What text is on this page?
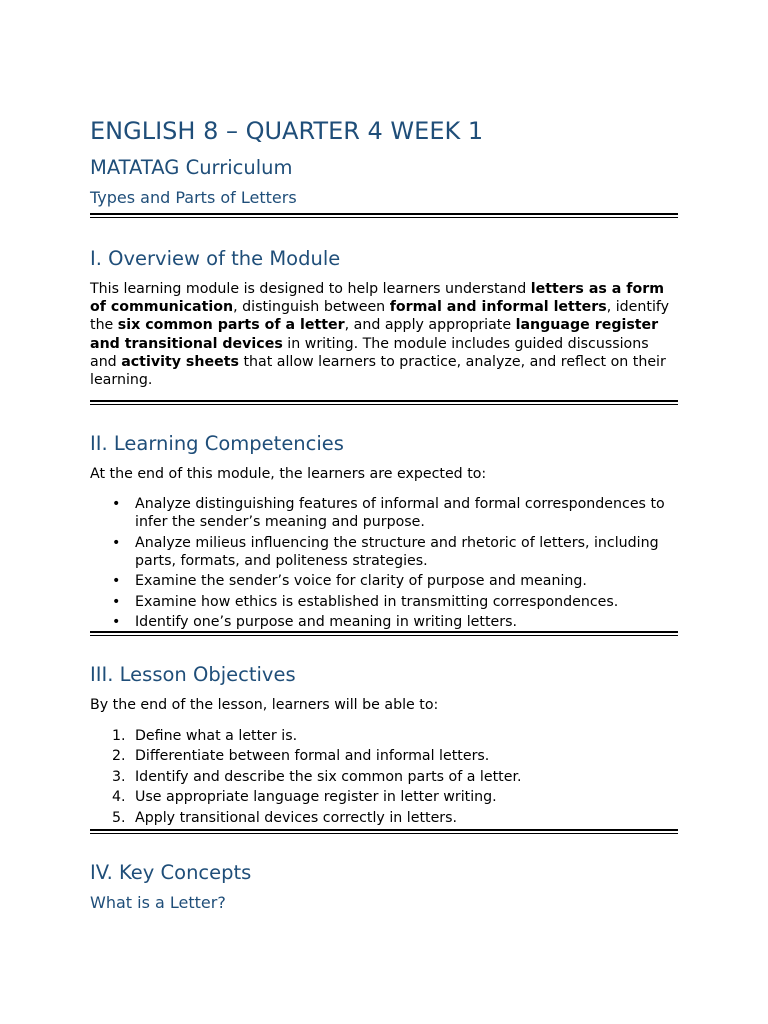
ENGLISH 8 – QUARTER 4 WEEK 1
MATATAG Curriculum
Types and Parts of Letters
I. Overview of the Module

This learning module is designed to help learners understand letters as a form of communication, distinguish between formal and informal letters, identify the six common parts of a letter, and apply appropriate language register and transitional devices in writing. The module includes guided discussions and activity sheets that allow learners to practice, analyze, and reflect on their learning.

II. Learning Competencies

At the end of this module, the learners are expected to:

• Analyze distinguishing features of informal and formal correspondences to infer the sender’s meaning and purpose.
• Analyze milieus influencing the structure and rhetoric of letters, including parts, formats, and politeness strategies.
• Examine the sender’s voice for clarity of purpose and meaning.
• Examine how ethics is established in transmitting correspondences.
• Identify one’s purpose and meaning in writing letters.
III. Lesson Objectives

By the end of the lesson, learners will be able to:

1. Define what a letter is.
2. Differentiate between formal and informal letters.
3. Identify and describe the six common parts of a letter.
4. Use appropriate language register in letter writing.
5. Apply transitional devices correctly in letters.
IV. Key Concepts
What is a Letter?
